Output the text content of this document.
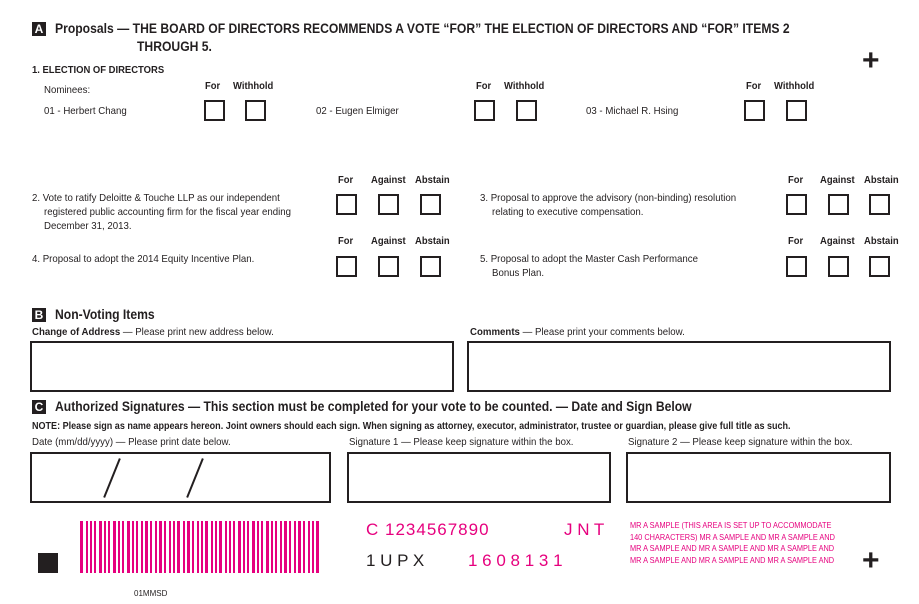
A Proposals — THE BOARD OF DIRECTORS RECOMMENDS A VOTE “FOR” THE ELECTION OF DIRECTORS AND “FOR” ITEMS 2
THROUGH 5.	+
1. ELECTION OF DIRECTORS
Nominees:	For Withhold
01 - Herbert Chang
For Withhold
02 - Eugen Elmiger
For Withhold
03 - Michael R. Hsing
For Against Abstain
2. Vote to ratify Deloitte & Touche LLP as our independent
registered public accounting firm for the fiscal year ending
December 31, 2013.
For Against Abstain
3. Proposal to approve the advisory (non-binding) resolution
relating to executive compensation.
For Against Abstain
4. Proposal to adopt the 2014 Equity Incentive Plan.
For Against Abstain
5. Proposal to adopt the Master Cash Performance
Bonus Plan.
B Non-Voting Items
Change of Address — Please print new address below.	Comments — Please print your comments below.
C Authorized Signatures — This section must be completed for your vote to be counted. — Date and Sign Below
NOTE: Please sign as name appears hereon. Joint owners should each sign. When signing as attorney, executor, administrator, trustee or guardian, please give full title as such.
Date (mm/dd/yyyy) — Please print date below.	Signature 1 — Please keep signature within the box.	Signature 2 — Please keep signature within the box.
C 1234567890	J N T
1 U P X	1 6 0 8 1 3 1
MR A SAMPLE (THIS AREA IS SET UP TO ACCOMMODATE
140 CHARACTERS) MR A SAMPLE AND MR A SAMPLE AND
MR A SAMPLE AND MR A SAMPLE AND MR A SAMPLE AND
MR A SAMPLE AND MR A SAMPLE AND MR A SAMPLE AND +
01MMSD
